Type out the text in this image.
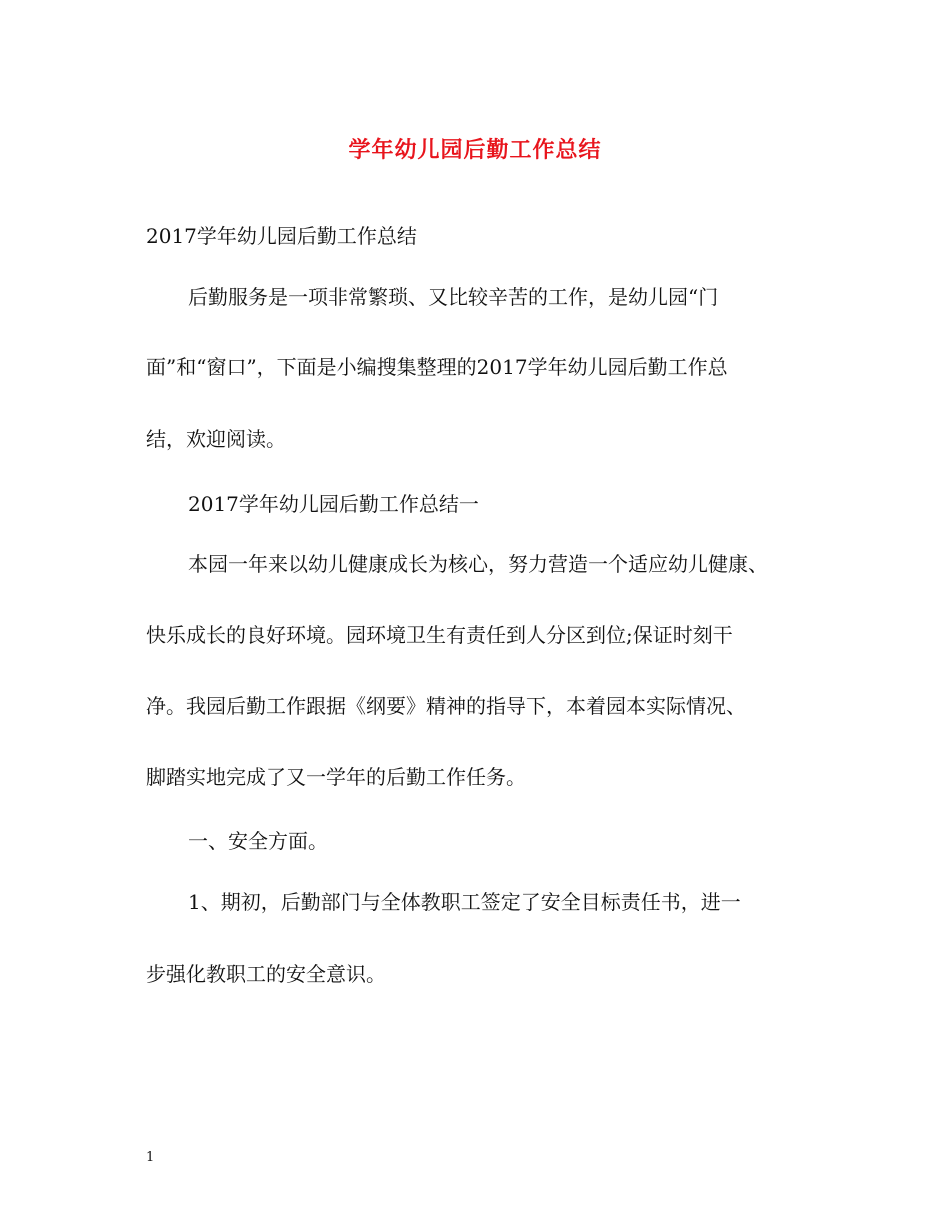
学年幼儿园后勤工作总结
2017学年幼儿园后勤工作总结
后勤服务是一项非常繁琐、又比较辛苦的工作，是幼儿园“门
面”和“窗口”，下面是小编搜集整理的2017学年幼儿园后勤工作总
结，欢迎阅读。
2017学年幼儿园后勤工作总结一
本园一年来以幼儿健康成长为核心，努力营造一个适应幼儿健康、
快乐成长的良好环境。园环境卫生有责任到人分区到位;保证时刻干
净。我园后勤工作跟据《纲要》精神的指导下，本着园本实际情况、
脚踏实地完成了又一学年的后勤工作任务。
一、安全方面。
1、期初，后勤部门与全体教职工签定了安全目标责任书，进一
步强化教职工的安全意识。
1
